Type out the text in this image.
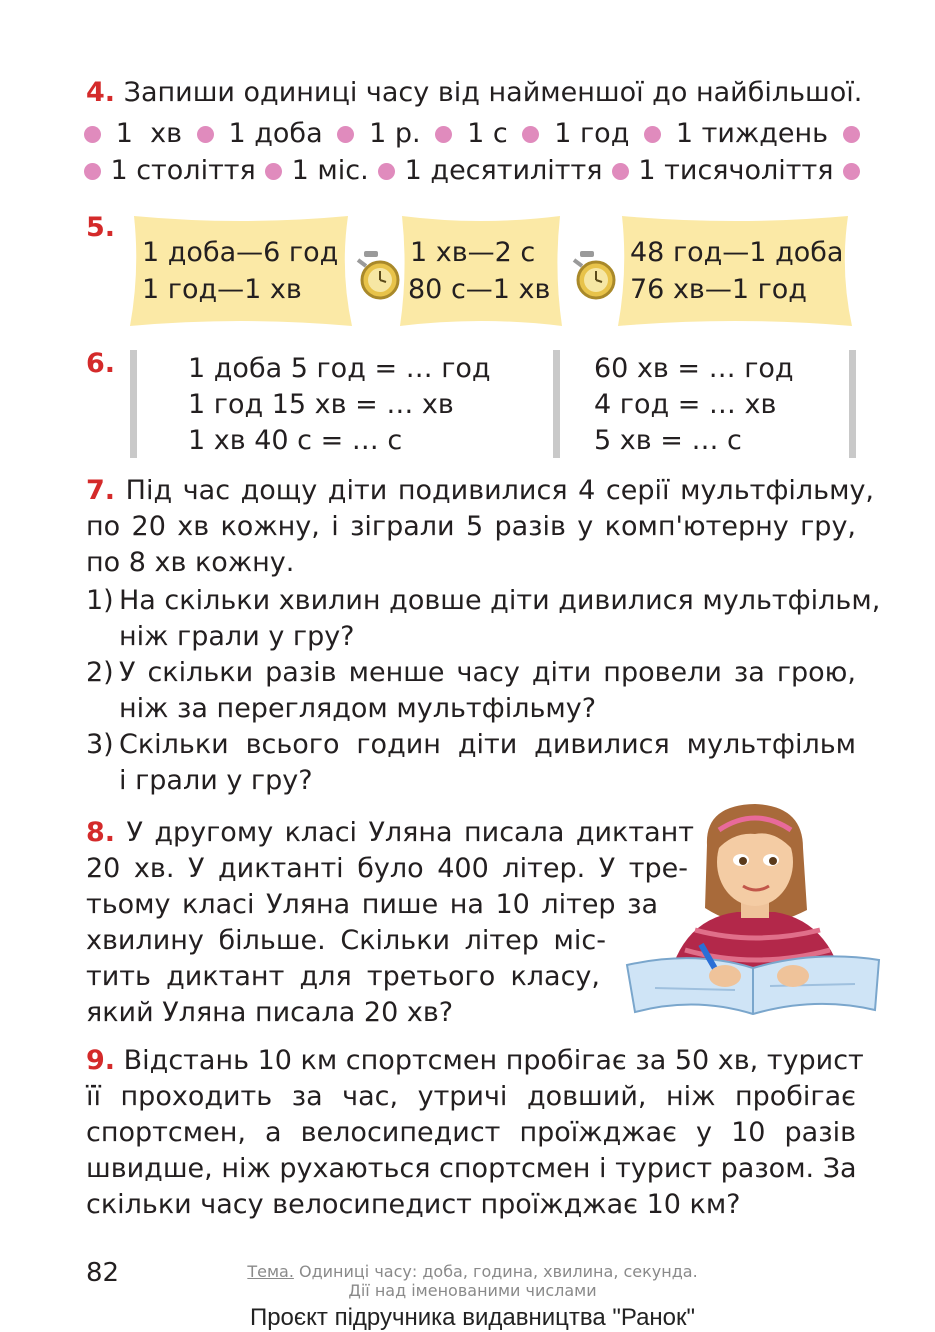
4. Запиши одиниці часу від найменшої до найбільшої.
1  хв 1 доба 1 р. 1 с 1 год 1 тиждень
1 століття 1 міс. 1 десятиліття 1 тисячоліття
5.
1 доба—6 год
1 год—1 хв
1 хв—2 с
80 с—1 хв
48 год—1 доба
76 хв—1 год
6.	1 доба 5 год = … год
1 год 15 хв = … хв
1 хв 40 с = … с
60 хв = … год
4 год = … хв
5 хв = … с
7. Під час дощу діти подивилися 4 серії мультфільму,
по 20 хв кожну, і зіграли 5 разів у комп'ютерну гру,
по 8 хв кожну.
1) На скільки хвилин довше діти дивилися мультфільм,
ніж грали у гру?
2) У скільки разів менше часу діти провели за грою,
ніж за переглядом мультфільму?
3) Скільки всього годин діти дивилися мультфільм
і грали у гру?
8. У другому класі Уляна писала диктант
20 хв. У диктанті було 400 літер. У тре-
тьому класі Уляна пише на 10 літер за
хвилину більше. Скільки літер міс-
тить диктант для третього класу,
який Уляна писала 20 хв?
9. Відстань 10 км спортсмен пробігає за 50 хв, турист
її проходить за час, утричі довший, ніж пробігає
спортсмен, а велосипедист проїжджає у 10 разів
швидше, ніж рухаються спортсмен і турист разом. За
скільки часу велосипедист проїжджає 10 км?
82	Тема. Одиниці часу: доба, година, хвилина, секунда.
Дії над іменованими числами
Проєкт підручника видавництва "Ранок"
